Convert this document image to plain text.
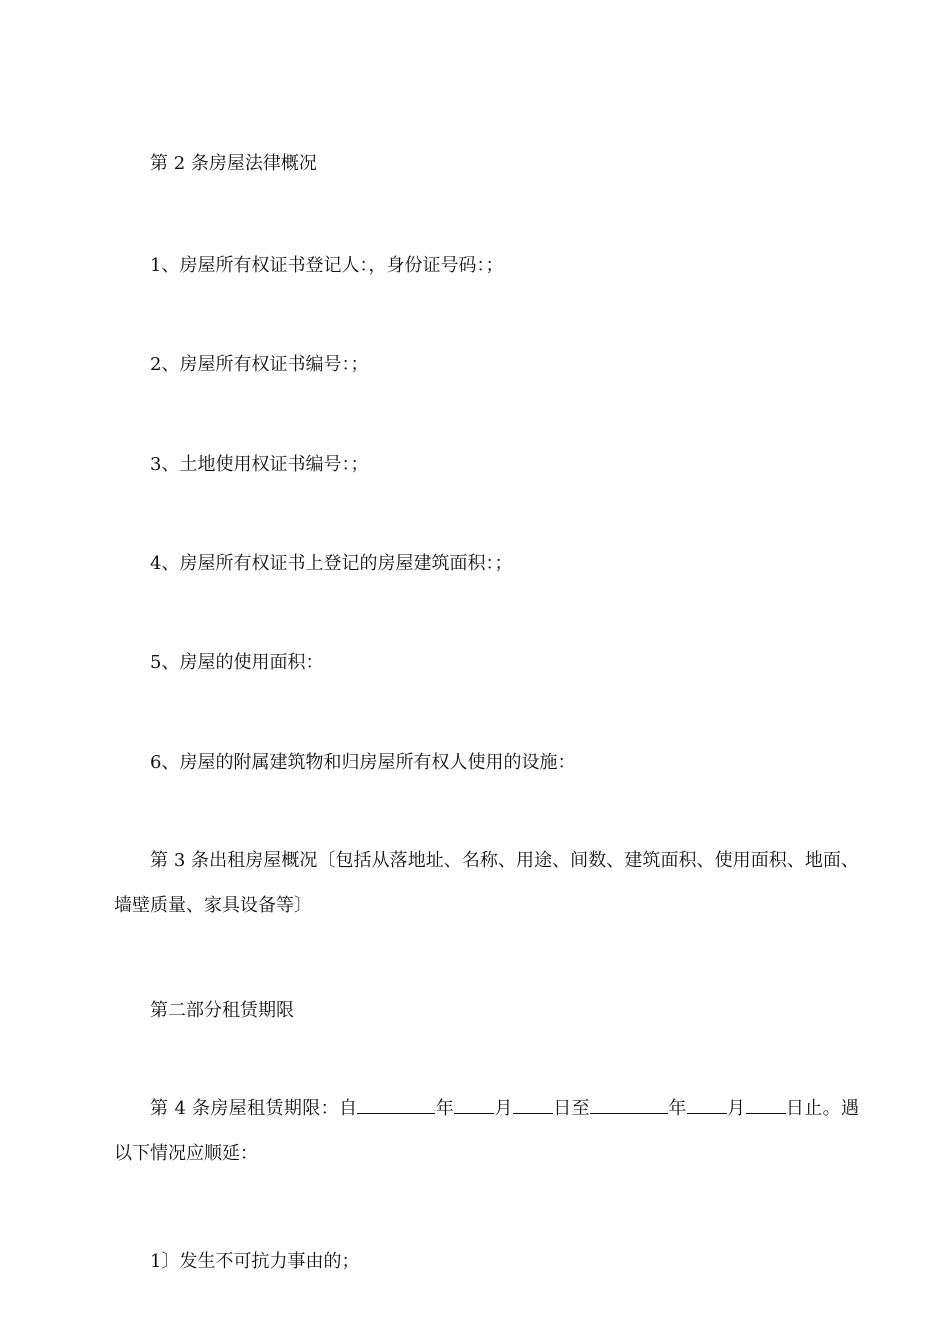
第 2 条房屋法律概况
1、房屋所有权证书登记人：，身份证号码：；
2、房屋所有权证书编号：；
3、土地使用权证书编号：；
4、房屋所有权证书上登记的房屋建筑面积：；
5、房屋的使用面积：
6、房屋的附属建筑物和归房屋所有权人使用的设施：
第 3 条出租房屋概况〔包括从落地址、名称、用途、间数、建筑面积、使用面积、地面、墙壁质量、家具设备等〕
第二部分租赁期限
第 4 条房屋租赁期限：自	年 月 日至	年 月 日止。遇以下情况应顺延：
1〕发生不可抗力事由的；
